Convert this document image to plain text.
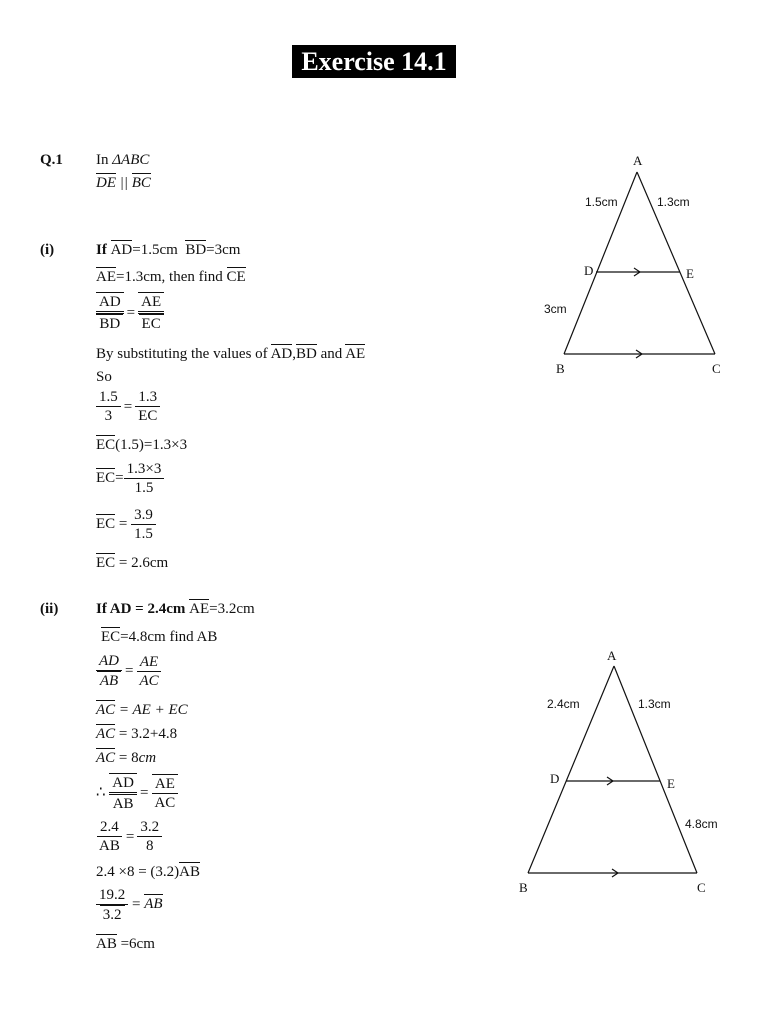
Exercise 14.1
Q.1 In ΔABC
DE || BC
(i)	If AD=1.5cm BD=3cm
AE=1.3cm, then find CE
$\frac{AD}{BD} = \frac{AE}{EC}$
By substituting the values of AD,BD and AE
So
$\frac{1.5}{3} = \frac{1.3}{EC}$
EC(1.5)=1.3×3
$EC= \frac{1.3\times 3}{1.5}$
EC = $\frac{3.9}{1.5}$
EC = 2.6cm
(ii)	If AD = 2.4cm AE=3.2cm
EC=4.8cm find AB
$\frac{AD}{AB} = \frac{AE}{AC}$
AC = AE + EC
AC = 3.2+4.8
AC = 8cm
∴ $\frac{AD}{AB} = \frac{AE}{AC}$
$\frac{2.4}{AB} = \frac{3.2}{8}$
2.4 ×8 = (3.2)AB
$\frac{19.2}{3.2}$ = AB
AB =6cm
A
B	C
D	E
1.5cm	1.3cm
3cm
A
B	C
D	E
2.4cm	1.3cm
4.8cm
